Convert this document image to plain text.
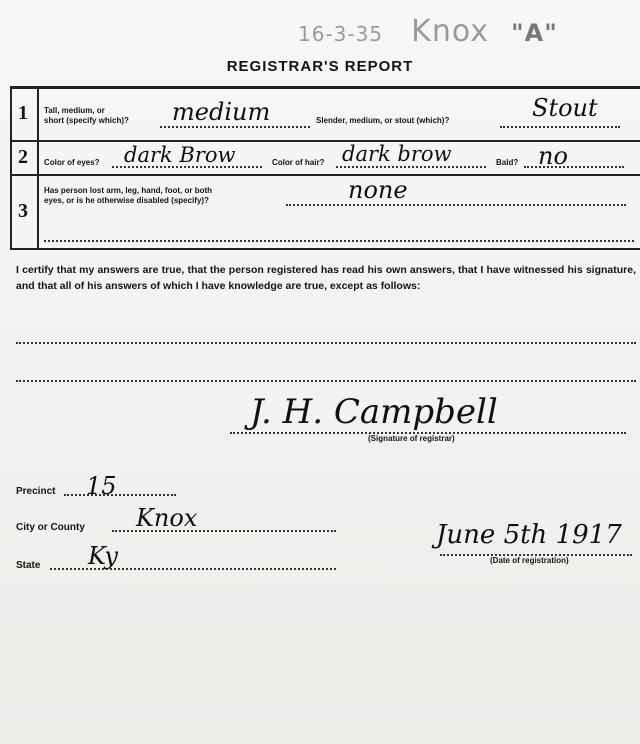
16-3-35 Knox "A"
REGISTRAR'S REPORT
1 Tall, medium, or
short (specify which)? medium	Slender, medium, or stout (which)?	Stout
2 Color of eyes? dark Brow	Color of hair? dark brow	Bald? no
3
Has person lost arm, leg, hand, foot, or both
eyes, or is he otherwise disabled (specify)?	none
I certify that my answers are true, that the person registered has read his own answers, that I have witnessed his signature, and that all of his answers of which I have knowledge are true, except as follows:
J. H. Campbell
(Signature of registrar)
Precinct 15
City or County Knox
State Ky
June 5th 1917
(Date of registration)
